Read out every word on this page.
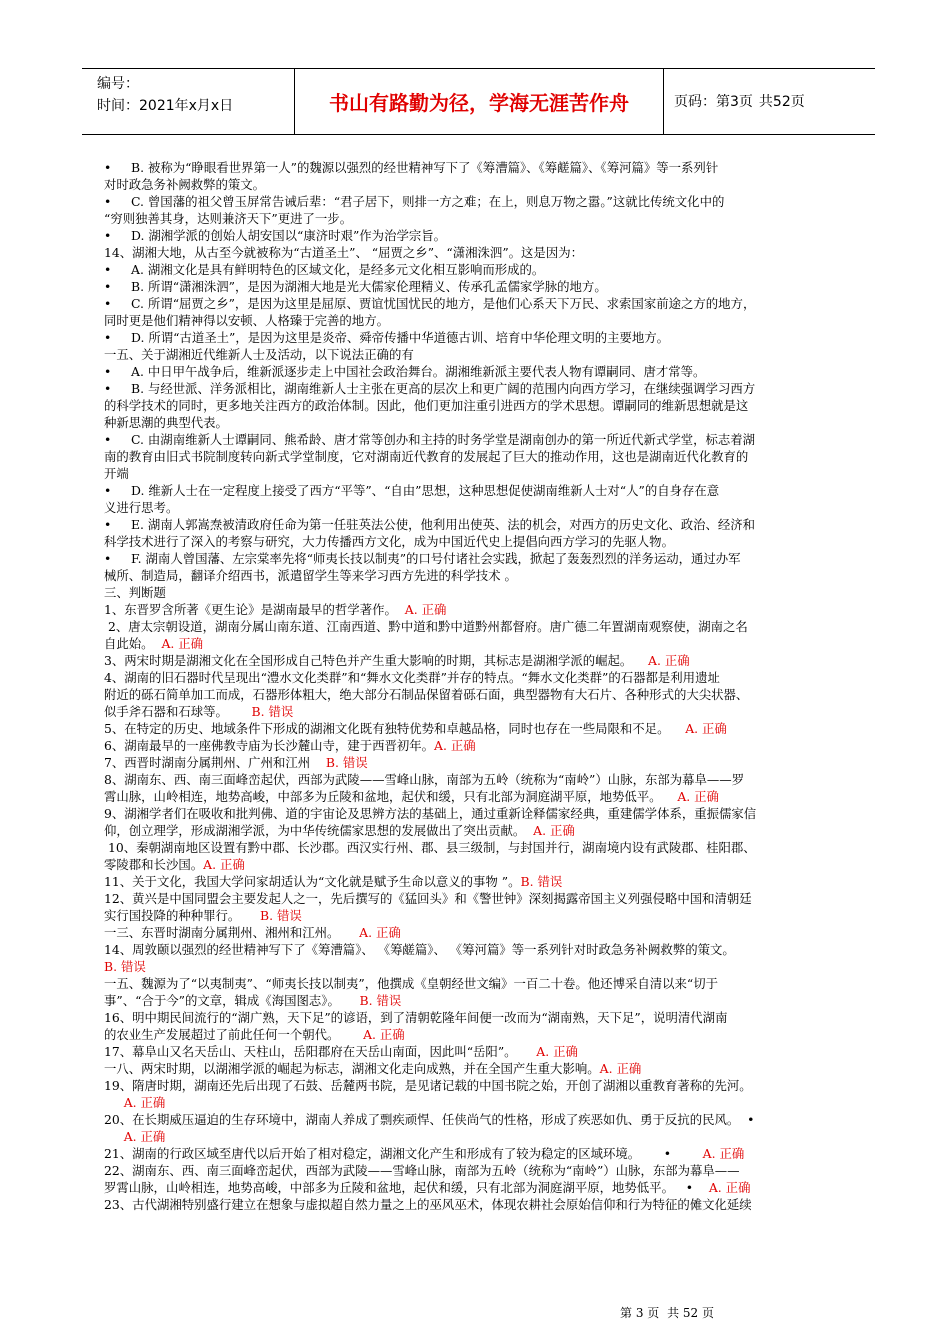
编号：
时间：2021年x月x日	书山有路勤为径，学海无涯苦作舟	页码：第3页 共52页

•     B. 被称为“睁眼看世界第一人”的魏源以强烈的经世精神写下了《筹漕篇》、《筹鹾篇》、《筹河篇》等一系列针

对时政急务补阙救弊的策文。

•     C. 曾国藩的祖父曾玉屏常告诫后辈：“君子居下，则排一方之难；在上，则息万物之嚣。”这就比传统文化中的

“穷则独善其身，达则兼济天下”更进了一步。

•     D. 湖湘学派的创始人胡安国以“康济时艰”作为治学宗旨。

14、湖湘大地，从古至今就被称为“古道圣土”、 “屈贾之乡”、“潇湘洙泗”。这是因为：

•     A. 湖湘文化是具有鲜明特色的区域文化，是经多元文化相互影响而形成的。

•     B. 所谓“潇湘洙泗”，是因为湖湘大地是光大儒家伦理精义、传承孔孟儒家学脉的地方。

•     C. 所谓“屈贾之乡”，是因为这里是屈原、贾谊忧国忧民的地方，是他们心系天下万民、求索国家前途之方的地方，

同时更是他们精神得以安顿、人格臻于完善的地方。

•     D. 所谓“古道圣土”，是因为这里是炎帝、舜帝传播中华道德古训、培育中华伦理文明的主要地方。

一五、关于湖湘近代维新人士及活动，以下说法正确的有

•     A. 中日甲午战争后，维新派逐步走上中国社会政治舞台。湖湘维新派主要代表人物有谭嗣同、唐才常等。

•     B. 与经世派、洋务派相比，湖南维新人士主张在更高的层次上和更广阔的范围内向西方学习，在继续强调学习西方

的科学技术的同时，更多地关注西方的政治体制。因此，他们更加注重引进西方的学术思想。谭嗣同的维新思想就是这

种新思潮的典型代表。

•     C. 由湖南维新人士谭嗣同、熊希龄、唐才常等创办和主持的时务学堂是湖南创办的第一所近代新式学堂，标志着湖

南的教育由旧式书院制度转向新式学堂制度，它对湖南近代教育的发展起了巨大的推动作用，这也是湖南近代化教育的

开端

•     D. 维新人士在一定程度上接受了西方“平等”、“自由”思想，这种思想促使湖南维新人士对“人”的自身存在意

义进行思考。

•     E. 湖南人郭嵩焘被清政府任命为第一任驻英法公使，他利用出使英、法的机会，对西方的历史文化、政治、经济和

科学技术进行了深入的考察与研究，大力传播西方文化，成为中国近代史上提倡向西方学习的先驱人物。

•     F. 湖南人曾国藩、左宗棠率先将“师夷长技以制夷”的口号付诸社会实践，掀起了轰轰烈烈的洋务运动，通过办军

械所、制造局，翻译介绍西书，派遣留学生等来学习西方先进的科学技术 。

三、判断题

1、东晋罗含所著《更生论》是湖南最早的哲学著作。  A. 正确

2、唐太宗朝设道，湖南分属山南东道、江南西道、黔中道和黔中道黔州都督府。唐广德二年置湖南观察使，湖南之名

自此始。  A. 正确

3、两宋时期是湖湘文化在全国形成自己特色并产生重大影响的时期，其标志是湖湘学派的崛起。    A. 正确

4、湖南的旧石器时代呈现出“澧水文化类群”和“舞水文化类群”并存的特点。“舞水文化类群”的石器都是利用遗址

附近的砾石简单加工而成，石器形体粗大，绝大部分石制品保留着砾石面，典型器物有大石片、各种形式的大尖状器、

似手斧石器和石球等。      B. 错误

5、在特定的历史、地域条件下形成的湖湘文化既有独特优势和卓越品格，同时也存在一些局限和不足。    A. 正确

6、湖南最早的一座佛教寺庙为长沙麓山寺，建于西晋初年。A. 正确

7、西晋时湖南分属荆州、广州和江州    B. 错误

8、湖南东、西、南三面峰峦起伏，西部为武陵——雪峰山脉，南部为五岭（统称为“南岭”）山脉，东部为幕阜——罗

霄山脉，山岭相连，地势高峻，中部多为丘陵和盆地，起伏和缓，只有北部为洞庭湖平原，地势低平。    A. 正确

9、湖湘学者们在吸收和批判佛、道的宇宙论及思辨方法的基础上，通过重新诠释儒家经典，重建儒学体系，重振儒家信

仰，创立理学，形成湖湘学派，为中华传统儒家思想的发展做出了突出贡献。  A. 正确

10、秦朝湖南地区设置有黔中郡、长沙郡。西汉实行州、郡、县三级制，与封国并行，湖南境内设有武陵郡、桂阳郡、

零陵郡和长沙国。A. 正确

11、关于文化，我国大学问家胡适认为“文化就是赋予生命以意义的事物 ”。B. 错误

12、黄兴是中国同盟会主要发起人之一，先后撰写的《猛回头》和《警世钟》深刻揭露帝国主义列强侵略中国和清朝廷

实行国投降的种种罪行。     B. 错误

一三、东晋时湖南分属荆州、湘州和江州。     A. 正确

14、周敦颐以强烈的经世精神写下了《筹漕篇》、 《筹鹾篇》、 《筹河篇》等一系列针对时政急务补阙救弊的策文。

B. 错误

一五、魏源为了“以夷制夷”、“师夷长技以制夷”，他撰成《皇朝经世文编》一百二十卷。他还博采自清以来“切于

事”、“合于今”的文章，辑成《海国图志》。     B. 错误

16、明中期民间流行的“湖广熟，天下足”的谚语，到了清朝乾隆年间便一改而为“湖南熟，天下足”，说明清代湖南

的农业生产发展超过了前此任何一个朝代。      A. 正确

17、幕阜山又名天岳山、天柱山，岳阳郡府在天岳山南面，因此叫“岳阳”。     A. 正确

一八、两宋时期，以湖湘学派的崛起为标志，湖湘文化走向成熟，并在全国产生重大影响。A. 正确

19、隋唐时期，湖南还先后出现了石鼓、岳麓两书院，是见诸记载的中国书院之始，开创了湖湘以重教育著称的先河。

A. 正确

20、在长期威压逼迫的生存环境中，湖南人养成了剽疾顽悍、任侠尚气的性格，形成了疾恶如仇、勇于反抗的民风。  •

A. 正确

21、湖南的行政区域至唐代以后开始了相对稳定，湖湘文化产生和形成有了较为稳定的区域环境。      •        A. 正确

22、湖南东、西、南三面峰峦起伏，西部为武陵——雪峰山脉，南部为五岭（统称为“南岭”）山脉，东部为幕阜——

罗霄山脉，山岭相连，地势高峻，中部多为丘陵和盆地，起伏和缓，只有北部为洞庭湖平原，地势低平。   •    A. 正确

23、古代湖湘特别盛行建立在想象与虚拟超自然力量之上的巫风巫术，体现农耕社会原始信仰和行为特征的傩文化延续

第 3 页 共 52 页
